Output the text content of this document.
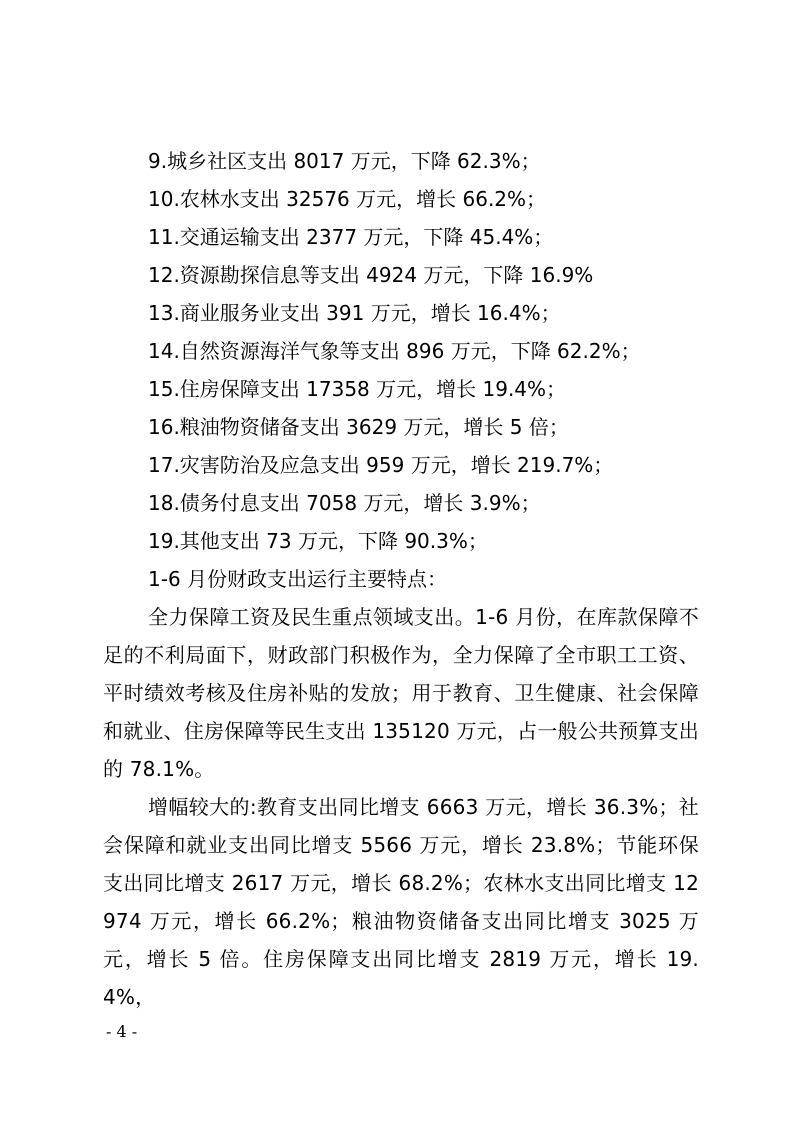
9.城乡社区支出 8017 万元，下降 62.3%；

10.农林水支出 32576 万元，增长 66.2%；

11.交通运输支出 2377 万元，下降 45.4%；

12.资源勘探信息等支出 4924 万元，下降 16.9%

13.商业服务业支出 391 万元，增长 16.4%；

14.自然资源海洋气象等支出 896 万元，下降 62.2%；

15.住房保障支出 17358 万元，增长 19.4%；

16.粮油物资储备支出 3629 万元，增长 5 倍；

17.灾害防治及应急支出 959 万元，增长 219.7%；

18.债务付息支出 7058 万元，增长 3.9%；

19.其他支出 73 万元，下降 90.3%；

1-6 月份财政支出运行主要特点：

全力保障工资及民生重点领域支出。1-6 月份，在库款保障不足的不利局面下，财政部门积极作为，全力保障了全市职工工资、平时绩效考核及住房补贴的发放；用于教育、卫生健康、社会保障和就业、住房保障等民生支出 135120 万元，占一般公共预算支出的 78.1%。

增幅较大的:教育支出同比增支 6663 万元，增长 36.3%；社会保障和就业支出同比增支 5566 万元，增长 23.8%；节能环保支出同比增支 2617 万元，增长 68.2%；农林水支出同比增支 12974 万元，增长 66.2%；粮油物资储备支出同比增支 3025 万元，增长 5 倍。住房保障支出同比增支 2819 万元，增长 19.4%，

- 4 -
